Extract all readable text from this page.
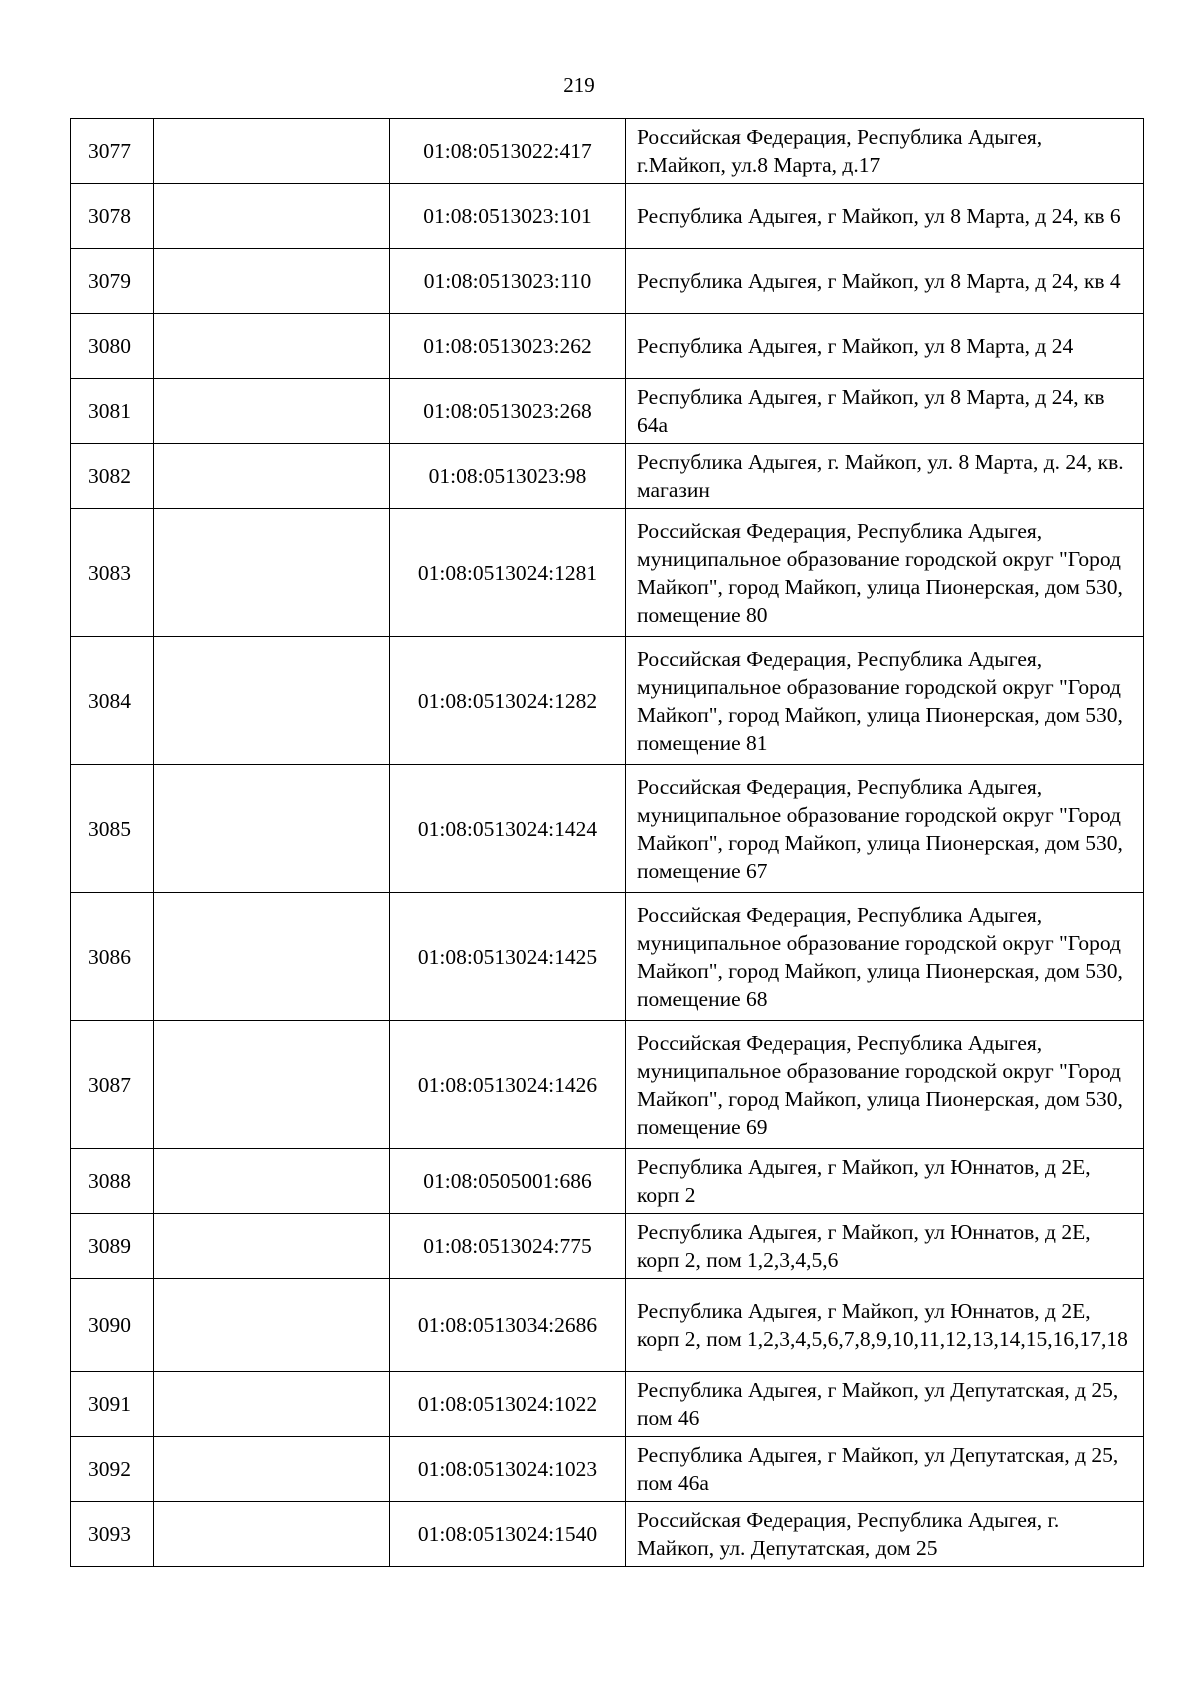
219
3077		01:08:0513022:417	Российская Федерация, Республика Адыгея, г.Майкоп, ул.8 Марта, д.17
3078		01:08:0513023:101	Республика Адыгея, г Майкоп, ул 8 Марта, д 24, кв 6
3079		01:08:0513023:110	Республика Адыгея, г Майкоп, ул 8 Марта, д 24, кв 4
3080		01:08:0513023:262	Республика Адыгея, г Майкоп, ул 8 Марта, д 24
3081		01:08:0513023:268	Республика Адыгея, г Майкоп, ул 8 Марта, д 24, кв 64а
3082		01:08:0513023:98	Республика Адыгея, г. Майкоп, ул. 8 Марта, д. 24, кв. магазин
3083		01:08:0513024:1281	Российская Федерация, Республика Адыгея, муниципальное образование городской округ "Город Майкоп", город Майкоп, улица Пионерская, дом 530, помещение 80
3084		01:08:0513024:1282	Российская Федерация, Республика Адыгея, муниципальное образование городской округ "Город Майкоп", город Майкоп, улица Пионерская, дом 530, помещение 81
3085		01:08:0513024:1424	Российская Федерация, Республика Адыгея, муниципальное образование городской округ "Город Майкоп", город Майкоп, улица Пионерская, дом 530, помещение 67
3086		01:08:0513024:1425	Российская Федерация, Республика Адыгея, муниципальное образование городской округ "Город Майкоп", город Майкоп, улица Пионерская, дом 530, помещение 68
3087		01:08:0513024:1426	Российская Федерация, Республика Адыгея, муниципальное образование городской округ "Город Майкоп", город Майкоп, улица Пионерская, дом 530, помещение 69
3088		01:08:0505001:686	Республика Адыгея, г Майкоп, ул Юннатов, д 2Е, корп 2
3089		01:08:0513024:775	Республика Адыгея, г Майкоп, ул Юннатов, д 2Е, корп 2, пом 1,2,3,4,5,6
3090		01:08:0513034:2686	Республика Адыгея, г Майкоп, ул Юннатов, д 2Е, корп 2, пом 1,2,3,4,5,6,7,8,9,10,11,12,13,14,15,16,17,18
3091		01:08:0513024:1022	Республика Адыгея, г Майкоп, ул Депутатская, д 25, пом 46
3092		01:08:0513024:1023	Республика Адыгея, г Майкоп, ул Депутатская, д 25, пом 46а
3093		01:08:0513024:1540	Российская Федерация, Республика Адыгея, г. Майкоп, ул. Депутатская, дом 25
